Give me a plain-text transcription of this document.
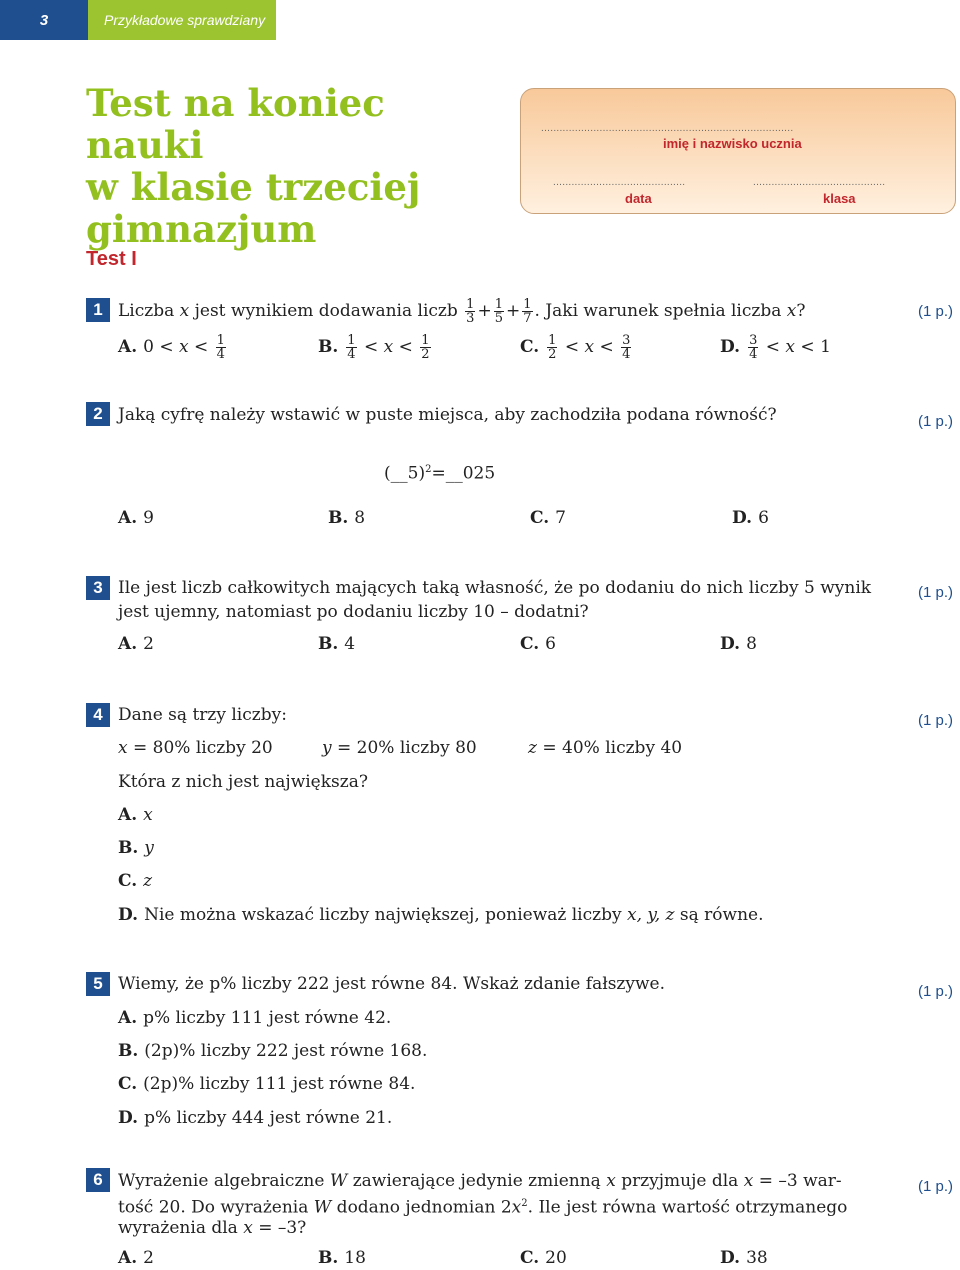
3	Przykładowe sprawdziany
Test na koniec nauki
w klasie trzeciej
gimnazjum
..................................................................................
imię i nazwisko ucznia
...........................................
data
...........................................
klasa
Test I
1	(1 p.)
Liczba x jest wynikiem dodawania liczb $\frac{1}{3} + \frac{1}{5} + \frac{1}{7}$ . Jaki warunek spełnia liczba x?
A. $0 < x < \frac{1}{4}$	B. $\frac{1}{4} < x < \frac{1}{2}$	C. $\frac{1}{2} < x < \frac{3}{4}$	D. $\frac{3}{4} < x < 1$
2	(1 p.)
Jaką cyfrę należy wstawić w puste miejsca, aby zachodziła podana równość?
(__5)$^2$=__025
A. 9	B. 8	C. 7	D. 6
3	(1 p.)
Ile jest liczb całkowitych mających taką własność, że po dodaniu do nich liczby 5 wynik jest ujemny, natomiast po dodaniu liczby 10 – dodatni?
A. 2	B. 4	C. 6	D. 8
4	(1 p.)
Dane są trzy liczby:
x = 80% liczby 20	y = 20% liczby 80	z = 40% liczby 40
Która z nich jest największa?
A. x
B. y
C. z
D. Nie można wskazać liczby największej, ponieważ liczby x, y, z są równe.
5	(1 p.)
Wiemy, że p% liczby 222 jest równe 84. Wskaż zdanie fałszywe.
A. p% liczby 111 jest równe 42.
B. (2p)% liczby 222 jest równe 168.
C. (2p)% liczby 111 jest równe 84.
D. p% liczby 444 jest równe 21.
6	(1 p.)
Wyrażenie algebraiczne W zawierające jedynie zmienną x przyjmuje dla x = –3 war-
tość 20. Do wyrażenia W dodano jednomian $2x^2$. Ile jest równa wartość otrzymanego
wyrażenia dla x = –3?
A. 2	B. 18	C. 20	D. 38
